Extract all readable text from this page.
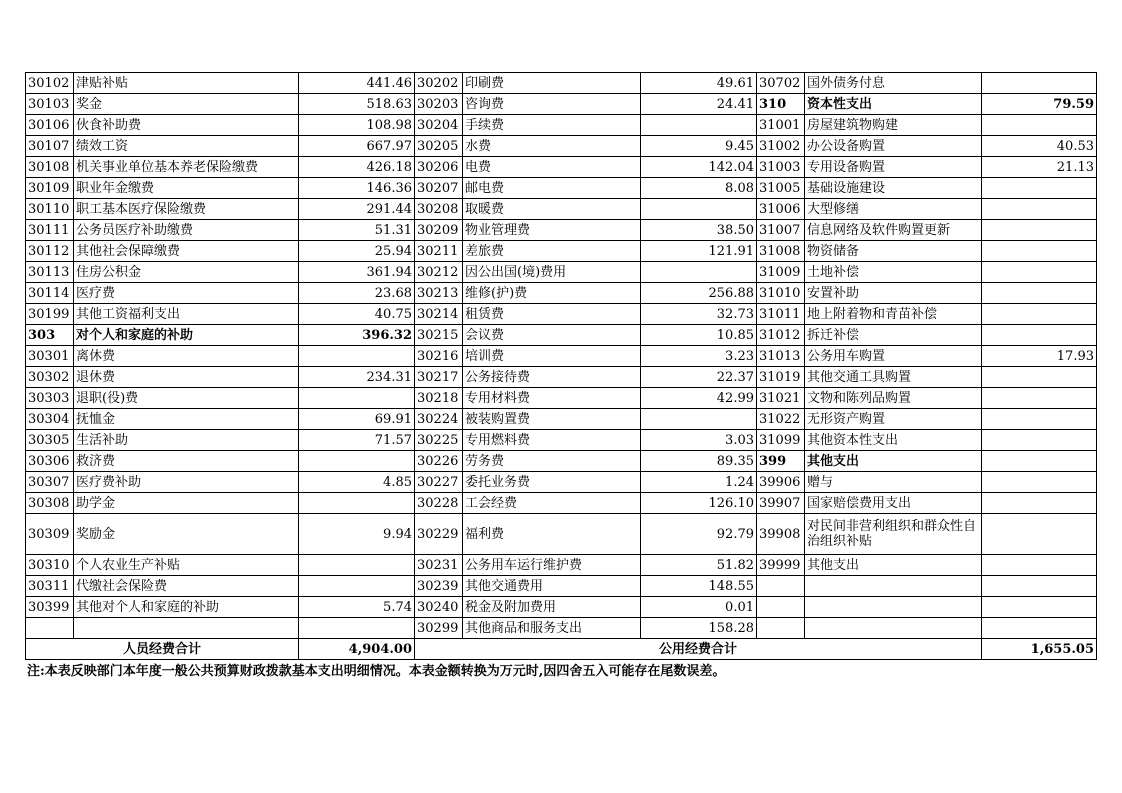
30102	津贴补贴	441.46	30202	印刷费	49.61	30702	国外债务付息	
30103	奖金	518.63	30203	咨询费	24.41	310	资本性支出	79.59
30106	伙食补助费	108.98	30204	手续费		31001	房屋建筑物购建	
30107	绩效工资	667.97	30205	水费	9.45	31002	办公设备购置	40.53
30108	机关事业单位基本养老保险缴费	426.18	30206	电费	142.04	31003	专用设备购置	21.13
30109	职业年金缴费	146.36	30207	邮电费	8.08	31005	基础设施建设	
30110	职工基本医疗保险缴费	291.44	30208	取暖费		31006	大型修缮	
30111	公务员医疗补助缴费	51.31	30209	物业管理费	38.50	31007	信息网络及软件购置更新	
30112	其他社会保障缴费	25.94	30211	差旅费	121.91	31008	物资储备	
30113	住房公积金	361.94	30212	因公出国(境)费用		31009	土地补偿	
30114	医疗费	23.68	30213	维修(护)费	256.88	31010	安置补助	
30199	其他工资福利支出	40.75	30214	租赁费	32.73	31011	地上附着物和青苗补偿	
303	对个人和家庭的补助	396.32	30215	会议费	10.85	31012	拆迁补偿	
30301	离休费		30216	培训费	3.23	31013	公务用车购置	17.93
30302	退休费	234.31	30217	公务接待费	22.37	31019	其他交通工具购置	
30303	退职(役)费		30218	专用材料费	42.99	31021	文物和陈列品购置	
30304	抚恤金	69.91	30224	被装购置费		31022	无形资产购置	
30305	生活补助	71.57	30225	专用燃料费	3.03	31099	其他资本性支出	
30306	救济费		30226	劳务费	89.35	399	其他支出	
30307	医疗费补助	4.85	30227	委托业务费	1.24	39906	赠与	
30308	助学金		30228	工会经费	126.10	39907	国家赔偿费用支出	
30309	奖励金	9.94	30229	福利费	92.79	39908	对民间非营利组织和群众性自治组织补贴	
30310	个人农业生产补贴		30231	公务用车运行维护费	51.82	39999	其他支出	
30311	代缴社会保险费		30239	其他交通费用	148.55			
30399	其他对个人和家庭的补助	5.74	30240	税金及附加费用	0.01			
			30299	其他商品和服务支出	158.28			
人员经费合计		4,904.00	公用经费合计					1,655.05
注:本表反映部门本年度一般公共预算财政拨款基本支出明细情况。本表金额转换为万元时,因四舍五入可能存在尾数误差。
